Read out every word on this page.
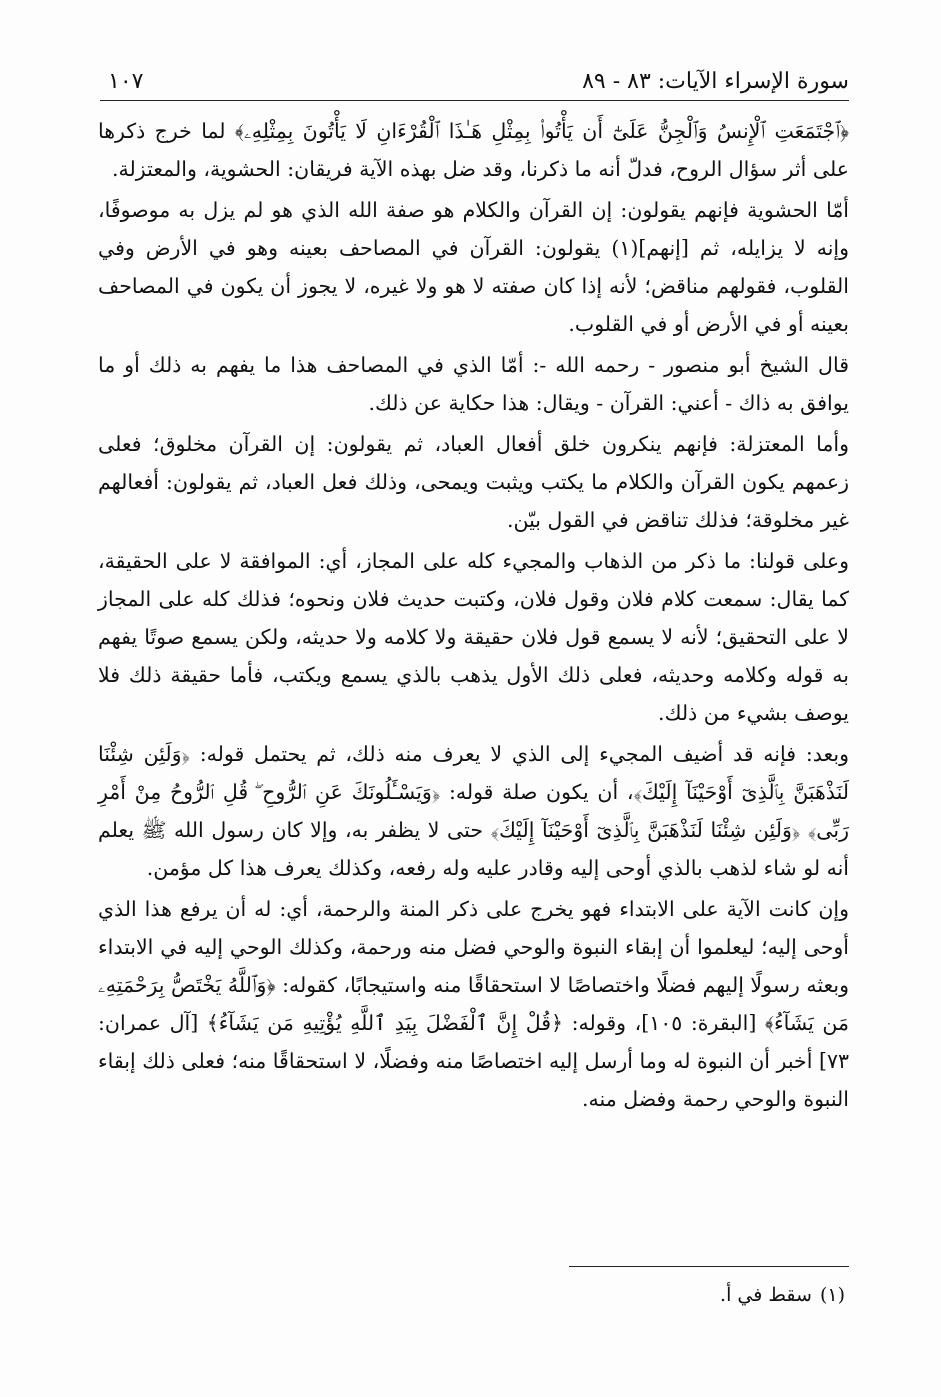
سورة الإسراء الآيات: ٨٣ - ٨٩
١٠٧

﴿ٱجْتَمَعَتِ ٱلْإِنسُ وَٱلْجِنُّ عَلَىٰٓ أَن يَأْتُوا۟ بِمِثْلِ هَـٰذَا ٱلْقُرْءَانِ لَا يَأْتُونَ بِمِثْلِهِۦ﴾ لما خرج ذكرها على أثر سؤال الروح، فدلّ أنه ما ذكرنا، وقد ضل بهذه الآية فريقان: الحشوية، والمعتزلة.

أمّا الحشوية فإنهم يقولون: إن القرآن والكلام هو صفة الله الذي هو لم يزل به موصوفًا، وإنه لا يزايله، ثم [إنهم](١) يقولون: القرآن في المصاحف بعينه وهو في الأرض وفي القلوب، فقولهم مناقض؛ لأنه إذا كان صفته لا هو ولا غيره، لا يجوز أن يكون في المصاحف بعينه أو في الأرض أو في القلوب.

قال الشيخ أبو منصور - رحمه الله -: أمّا الذي في المصاحف هذا ما يفهم به ذلك أو ما يوافق به ذاك - أعني: القرآن - ويقال: هذا حكاية عن ذلك.

وأما المعتزلة: فإنهم ينكرون خلق أفعال العباد، ثم يقولون: إن القرآن مخلوق؛ فعلى زعمهم يكون القرآن والكلام ما يكتب ويثبت ويمحى، وذلك فعل العباد، ثم يقولون: أفعالهم غير مخلوقة؛ فذلك تناقض في القول بيّن.

وعلى قولنا: ما ذكر من الذهاب والمجيء كله على المجاز، أي: الموافقة لا على الحقيقة، كما يقال: سمعت كلام فلان وقول فلان، وكتبت حديث فلان ونحوه؛ فذلك كله على المجاز لا على التحقيق؛ لأنه لا يسمع قول فلان حقيقة ولا كلامه ولا حديثه، ولكن يسمع صوتًا يفهم به قوله وكلامه وحديثه، فعلى ذلك الأول يذهب بالذي يسمع ويكتب، فأما حقيقة ذلك فلا يوصف بشيء من ذلك.

وبعد: فإنه قد أضيف المجيء إلى الذي لا يعرف منه ذلك، ثم يحتمل قوله: ﴿وَلَئِن شِئْنَا لَنَذْهَبَنَّ بِٱلَّذِىٓ أَوْحَيْنَآ إِلَيْكَ﴾، أن يكون صلة قوله: ﴿وَيَسْـَٔلُونَكَ عَنِ ٱلرُّوحِ ۖ قُلِ ٱلرُّوحُ مِنْ أَمْرِ رَبِّى﴾ ﴿وَلَئِن شِئْنَا لَنَذْهَبَنَّ بِٱلَّذِىٓ أَوْحَيْنَآ إِلَيْكَ﴾ حتى لا يظفر به، وإلا كان رسول الله ﷺ يعلم أنه لو شاء لذهب بالذي أوحى إليه وقادر عليه وله رفعه، وكذلك يعرف هذا كل مؤمن.

وإن كانت الآية على الابتداء فهو يخرج على ذكر المنة والرحمة، أي: له أن يرفع هذا الذي أوحى إليه؛ ليعلموا أن إبقاء النبوة والوحي فضل منه ورحمة، وكذلك الوحي إليه في الابتداء وبعثه رسولًا إليهم فضلًا واختصاصًا لا استحقاقًا منه واستيجابًا، كقوله: ﴿وَٱللَّهُ يَخْتَصُّ بِرَحْمَتِهِۦ مَن يَشَآءُ﴾ [البقرة: ١٠٥]، وقوله: ﴿قُلْ إِنَّ ٱلْفَضْلَ بِيَدِ ٱللَّهِ يُؤْتِيهِ مَن يَشَآءُ﴾ [آل عمران: ٧٣] أخبر أن النبوة له وما أرسل إليه اختصاصًا منه وفضلًا، لا استحقاقًا منه؛ فعلى ذلك إبقاء النبوة والوحي رحمة وفضل منه.

(١)سقط في أ.
